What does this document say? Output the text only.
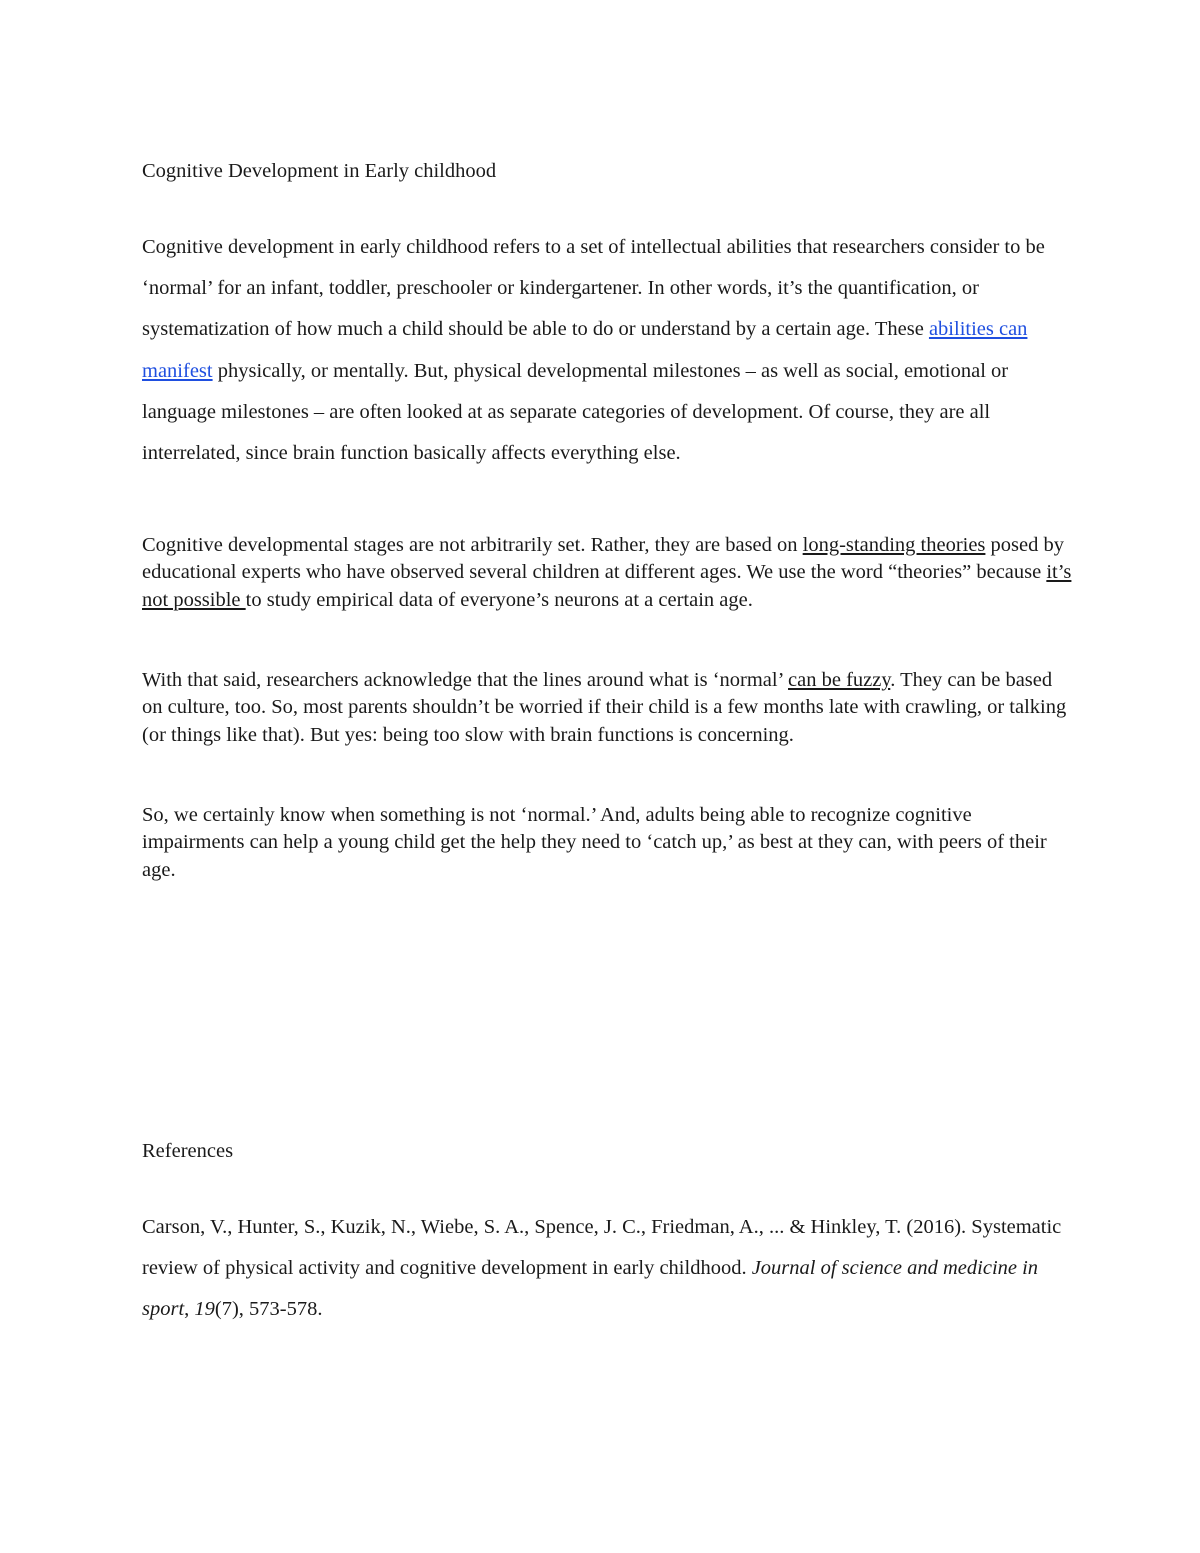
Cognitive Development in Early childhood

Cognitive development in early childhood refers to a set of intellectual abilities that researchers consider to be ‘normal’ for an infant, toddler, preschooler or kindergartener. In other words, it’s the quantification, or systematization of how much a child should be able to do or understand by a certain age. These abilities can manifest physically, or mentally. But, physical developmental milestones – as well as social, emotional or language milestones – are often looked at as separate categories of development. Of course, they are all interrelated, since brain function basically affects everything else.

Cognitive developmental stages are not arbitrarily set. Rather, they are based on long-standing theories posed by educational experts who have observed several children at different ages. We use the word “theories” because it’s not possible to study empirical data of everyone’s neurons at a certain age.

With that said, researchers acknowledge that the lines around what is ‘normal’ can be fuzzy. They can be based on culture, too. So, most parents shouldn’t be worried if their child is a few months late with crawling, or talking (or things like that). But yes: being too slow with brain functions is concerning.

So, we certainly know when something is not ‘normal.’ And, adults being able to recognize cognitive impairments can help a young child get the help they need to ‘catch up,’ as best at they can, with peers of their age.

References

Carson, V., Hunter, S., Kuzik, N., Wiebe, S. A., Spence, J. C., Friedman, A., ... & Hinkley, T. (2016). Systematic review of physical activity and cognitive development in early childhood. Journal of science and medicine in sport, 19(7), 573-578.
